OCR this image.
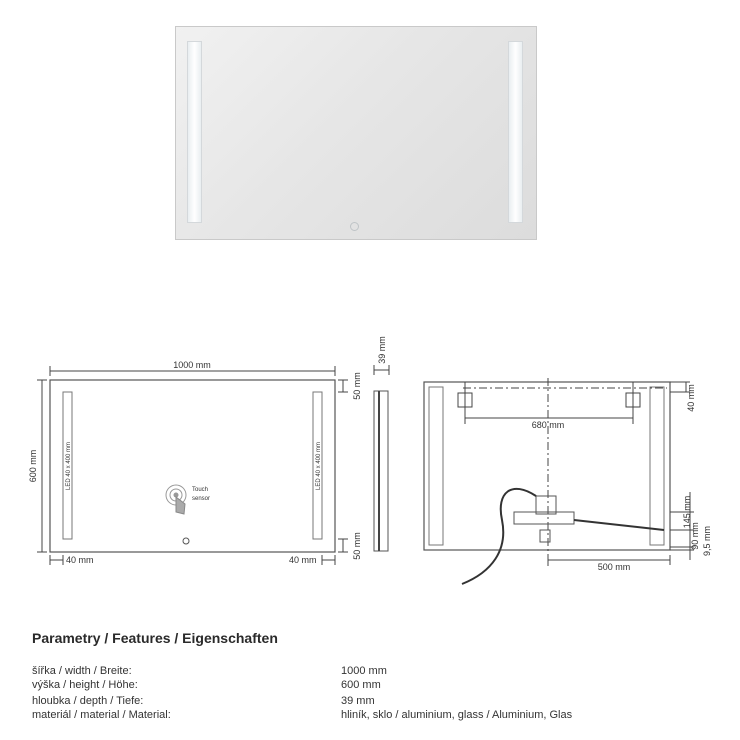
1000 mm
600 mm
40 mm	40 mm
50 mm
50 mm
39 mm
LED 40 x 400 mm	LED 40 x 400 mm
Touch
sensor
680 mm
40 mm
500 mm
145 mm
90 mm 9,5 mm
Parametry / Features / Eigenschaften
šířka / width / Breite:	1000 mm
výška / height / Höhe:	600 mm
hloubka / depth / Tiefe:	39 mm
materiál / material / Material:	hliník, sklo / aluminium, glass / Aluminium, Glas
